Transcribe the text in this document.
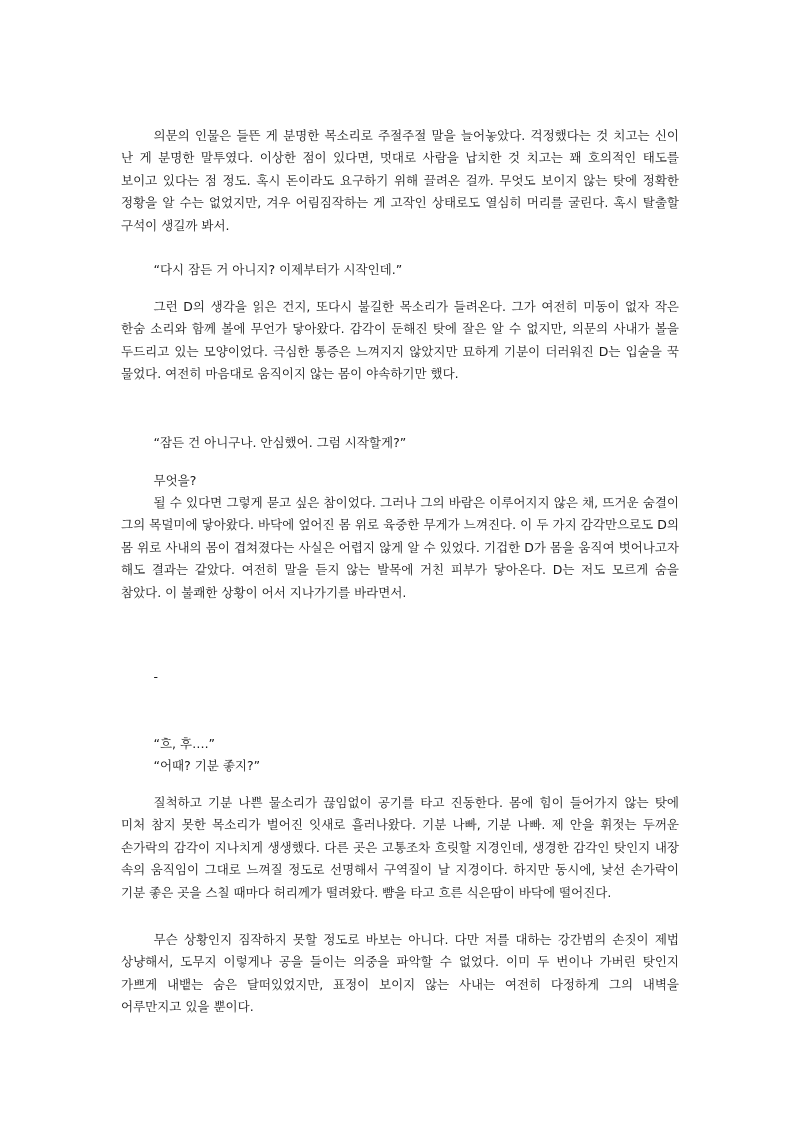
의문의 인물은 들뜬 게 분명한 목소리로 주절주절 말을 늘어놓았다. 걱정했다는 것 치고는 신이 난 게 분명한 말투였다. 이상한 점이 있다면, 멋대로 사람을 납치한 것 치고는 꽤 호의적인 태도를 보이고 있다는 점 정도. 혹시 돈이라도 요구하기 위해 끌려온 걸까. 무엇도 보이지 않는 탓에 정확한 정황을 알 수는 없었지만, 겨우 어림짐작하는 게 고작인 상태로도 열심히 머리를 굴린다. 혹시 탈출할 구석이 생길까 봐서.

“다시 잠든 거 아니지? 이제부터가 시작인데.”

그런 D의 생각을 읽은 건지, 또다시 불길한 목소리가 들려온다. 그가 여전히 미동이 없자 작은 한숨 소리와 함께 볼에 무언가 닿아왔다. 감각이 둔해진 탓에 잘은 알 수 없지만, 의문의 사내가 볼을 두드리고 있는 모양이었다. 극심한 통증은 느껴지지 않았지만 묘하게 기분이 더러워진 D는 입술을 꾹 물었다. 여전히 마음대로 움직이지 않는 몸이 야속하기만 했다.

“잠든 건 아니구나. 안심했어. 그럼 시작할게?”

무엇을?

될 수 있다면 그렇게 묻고 싶은 참이었다. 그러나 그의 바람은 이루어지지 않은 채, 뜨거운 숨결이 그의 목덜미에 닿아왔다. 바닥에 엎어진 몸 위로 육중한 무게가 느껴진다. 이 두 가지 감각만으로도 D의 몸 위로 사내의 몸이 겹쳐졌다는 사실은 어렵지 않게 알 수 있었다. 기겁한 D가 몸을 움직여 벗어나고자 해도 결과는 같았다. 여전히 말을 듣지 않는 발목에 거친 피부가 닿아온다. D는 저도 모르게 숨을 참았다. 이 불쾌한 상황이 어서 지나가기를 바라면서.

-

“흐, 후….”

“어때? 기분 좋지?”

질척하고 기분 나쁜 물소리가 끊임없이 공기를 타고 진동한다. 몸에 힘이 들어가지 않는 탓에 미처 참지 못한 목소리가 벌어진 잇새로 흘러나왔다. 기분 나빠, 기분 나빠. 제 안을 휘젓는 두꺼운 손가락의 감각이 지나치게 생생했다. 다른 곳은 고통조차 흐릿할 지경인데, 생경한 감각인 탓인지 내장 속의 움직임이 그대로 느껴질 정도로 선명해서 구역질이 날 지경이다. 하지만 동시에, 낯선 손가락이 기분 좋은 곳을 스칠 때마다 허리께가 떨려왔다. 뺨을 타고 흐른 식은땀이 바닥에 떨어진다.

무슨 상황인지 짐작하지 못할 정도로 바보는 아니다. 다만 저를 대하는 강간범의 손짓이 제법 상냥해서, 도무지 이렇게나 공을 들이는 의중을 파악할 수 없었다. 이미 두 번이나 가버린 탓인지 가쁘게 내뱉는 숨은 달떠있었지만, 표정이 보이지 않는 사내는 여전히 다정하게 그의 내벽을 어루만지고 있을 뿐이다.
